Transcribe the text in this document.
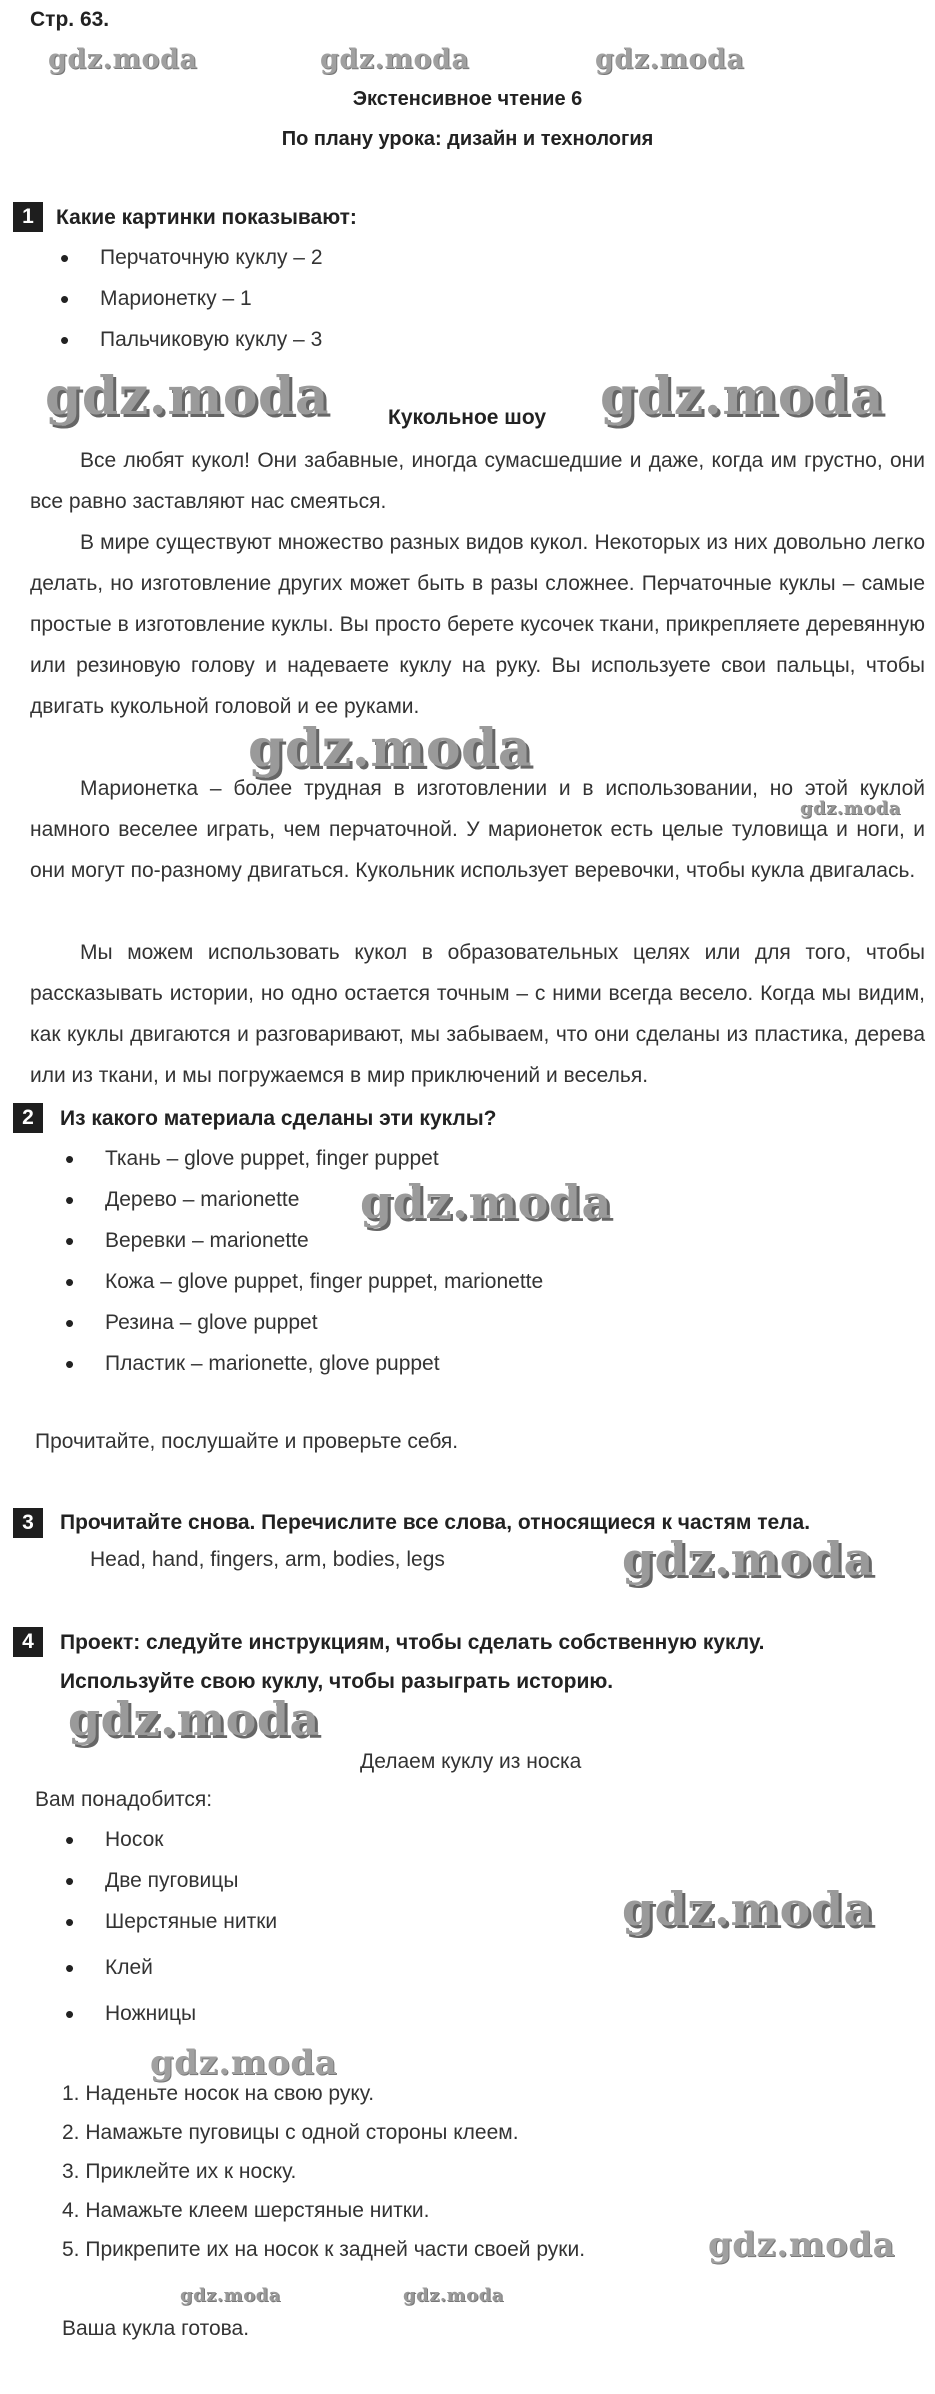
Стр. 63.
gdz.moda	gdz.moda	gdz.moda
gdz.moda	gdz.moda
gdz.moda
gdz.moda
gdz.moda
gdz.moda
gdz.moda
gdz.moda
gdz.moda
gdz.moda
gdz.moda	gdz.moda
Экстенсивное чтение 6
По плану урока: дизайн и технология
1	Какие картинки показывают:
• Перчаточную куклу – 2
• Марионетку – 1
• Пальчиковую куклу – 3
Кукольное шоу

Все любят кукол! Они забавные, иногда сумасшедшие и даже, когда им грустно, они все равно заставляют нас смеяться.

В мире существуют множество разных видов кукол. Некоторых из них довольно легко делать, но изготовление других может быть в разы сложнее. Перчаточные куклы – самые простые в изготовление куклы. Вы просто берете кусочек ткани, прикрепляете деревянную или резиновую голову и надеваете куклу на руку. Вы используете свои пальцы, чтобы двигать кукольной головой и ее руками.

Марионетка – более трудная в изготовлении и в использовании, но этой куклой намного веселее играть, чем перчаточной. У марионеток есть целые туловища и ноги, и они могут по-разному двигаться. Кукольник использует веревочки, чтобы кукла двигалась.

Мы можем использовать кукол в образовательных целях или для того, чтобы рассказывать истории, но одно остается точным – с ними всегда весело. Когда мы видим, как куклы двигаются и разговаривают, мы забываем, что они сделаны из пластика, дерева или из ткани, и мы погружаемся в мир приключений и веселья.

2	Из какого материала сделаны эти куклы?
• Ткань – glove puppet, finger puppet
• Дерево – marionette
• Веревки – marionette
• Кожа – glove puppet, finger puppet, marionette
• Резина – glove puppet
• Пластик – marionette, glove puppet
Прочитайте, послушайте и проверьте себя.
3	Прочитайте снова. Перечислите все слова, относящиеся к частям тела.
Head, hand, fingers, arm, bodies, legs
4	Проект: следуйте инструкциям, чтобы сделать собственную куклу.
Используйте свою куклу, чтобы разыграть историю.
Делаем куклу из носка
Вам понадобится:
• Носок
• Две пуговицы
• Шерстяные нитки
• Клей
• Ножницы
1. Наденьте носок на свою руку.
2. Намажьте пуговицы с одной стороны клеем.
3. Приклейте их к носку.
4. Намажьте клеем шерстяные нитки.
5. Прикрепите их на носок к задней части своей руки.
Ваша кукла готова.
